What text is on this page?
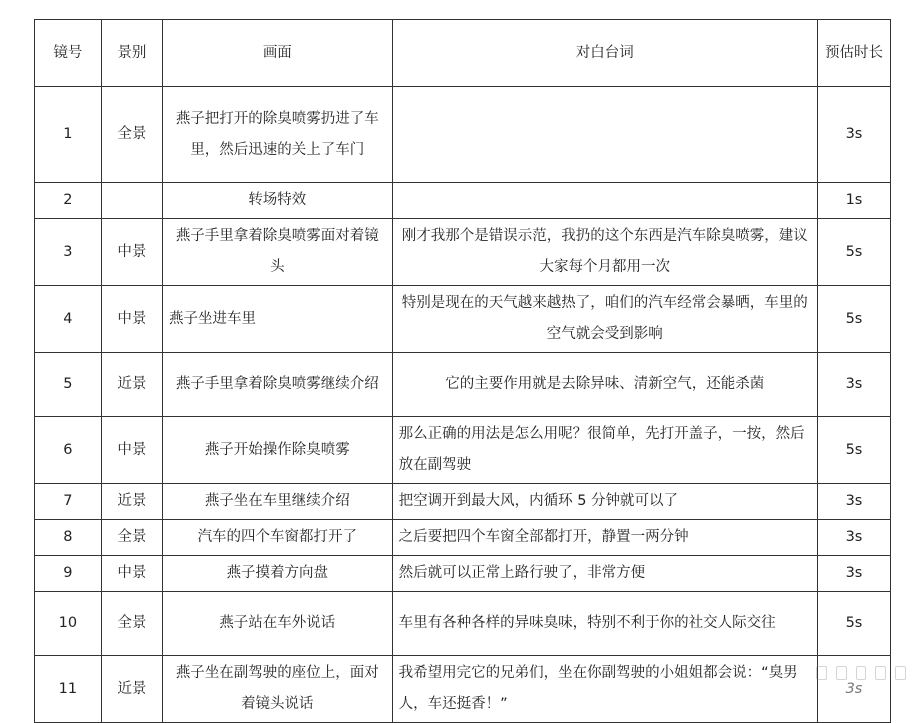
镜号	景别	画面	对白台词	预估时长
1	全景	燕子把打开的除臭喷雾扔进了车里，然后迅速的关上了车门		3s
2		转场特效		1s
3	中景	燕子手里拿着除臭喷雾面对着镜头	刚才我那个是错误示范，我扔的这个东西是汽车除臭喷雾，建议大家每个月都用一次	5s
4	中景	燕子坐进车里	特别是现在的天气越来越热了，咱们的汽车经常会暴晒，车里的空气就会受到影响	5s
5	近景	燕子手里拿着除臭喷雾继续介绍	它的主要作用就是去除异味、清新空气，还能杀菌	3s
6	中景	燕子开始操作除臭喷雾	那么正确的用法是怎么用呢？很简单，先打开盖子，一按，然后放在副驾驶	5s
7	近景	燕子坐在车里继续介绍	把空调开到最大风，内循环 5 分钟就可以了	3s
8	全景	汽车的四个车窗都打开了	之后要把四个车窗全部都打开，静置一两分钟	3s
9	中景	燕子摸着方向盘	然后就可以正常上路行驶了，非常方便	3s
10	全景	燕子站在车外说话	车里有各种各样的异味臭味，特别不利于你的社交人际交往	5s
11	近景	燕子坐在副驾驶的座位上，面对着镜头说话	我希望用完它的兄弟们，坐在你副驾驶的小姐姐都会说：“臭男人，车还挺香！”	3s
